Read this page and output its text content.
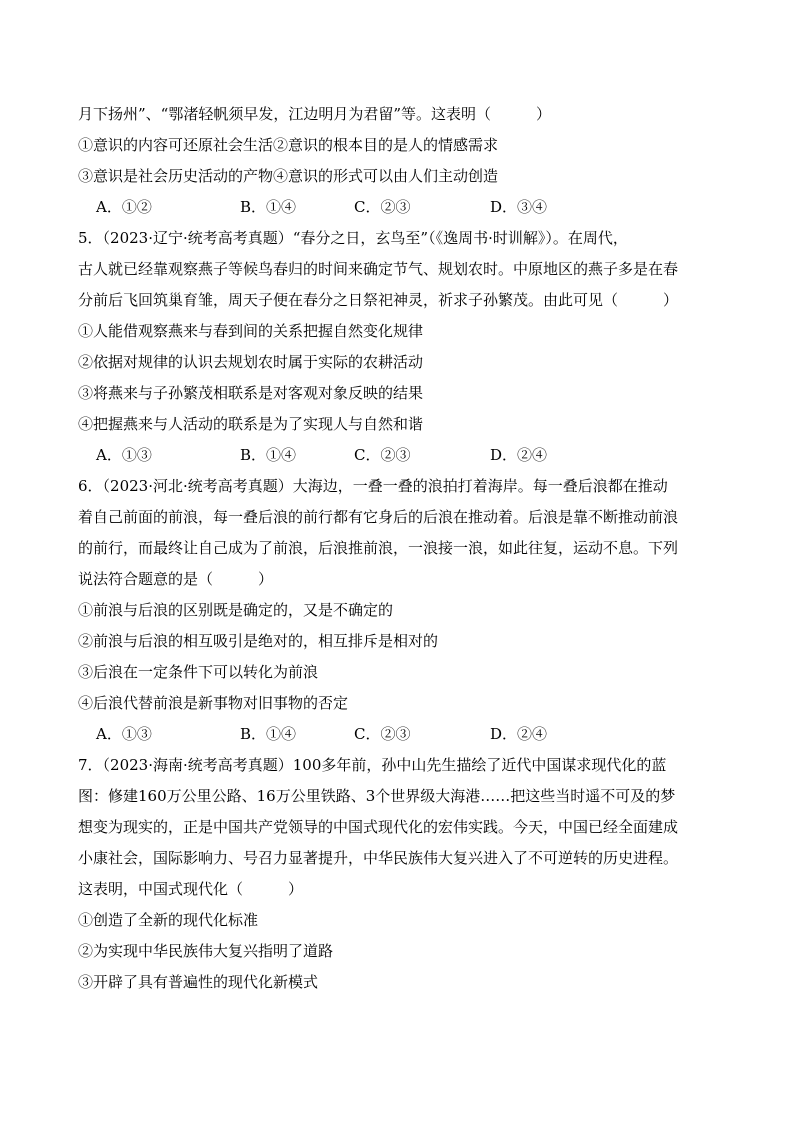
月下扬州”、“鄂渚轻帆须早发，江边明月为君留”等。这表明（　　　）
①意识的内容可还原社会生活②意识的根本目的是人的情感需求
③意识是社会历史活动的产物④意识的形式可以由人们主动创造
A．①②	B．①④	C．②③	D．③④
5．（2023·辽宁·统考高考真题）“春分之日，玄鸟至”（《逸周书·时训解》）。在周代，
古人就已经靠观察燕子等候鸟春归的时间来确定节气、规划农时。中原地区的燕子多是在春
分前后飞回筑巢育雏，周天子便在春分之日祭祀神灵，祈求子孙繁茂。由此可见（　　　）
①人能借观察燕来与春到间的关系把握自然变化规律
②依据对规律的认识去规划农时属于实际的农耕活动
③将燕来与子孙繁茂相联系是对客观对象反映的结果
④把握燕来与人活动的联系是为了实现人与自然和谐
A．①③	B．①④	C．②③	D．②④
6．（2023·河北·统考高考真题）大海边，一叠一叠的浪拍打着海岸。每一叠后浪都在推动
着自己前面的前浪，每一叠后浪的前行都有它身后的后浪在推动着。后浪是靠不断推动前浪
的前行，而最终让自己成为了前浪，后浪推前浪，一浪接一浪，如此往复，运动不息。下列
说法符合题意的是（　　　）
①前浪与后浪的区别既是确定的，又是不确定的
②前浪与后浪的相互吸引是绝对的，相互排斥是相对的
③后浪在一定条件下可以转化为前浪
④后浪代替前浪是新事物对旧事物的否定
A．①③	B．①④	C．②③	D．②④
7．（2023·海南·统考高考真题）100多年前，孙中山先生描绘了近代中国谋求现代化的蓝
图：修建160万公里公路、16万公里铁路、3个世界级大海港……把这些当时遥不可及的梦
想变为现实的，正是中国共产党领导的中国式现代化的宏伟实践。今天，中国已经全面建成
小康社会，国际影响力、号召力显著提升，中华民族伟大复兴进入了不可逆转的历史进程。
这表明，中国式现代化（　　　）
①创造了全新的现代化标准
②为实现中华民族伟大复兴指明了道路
③开辟了具有普遍性的现代化新模式
